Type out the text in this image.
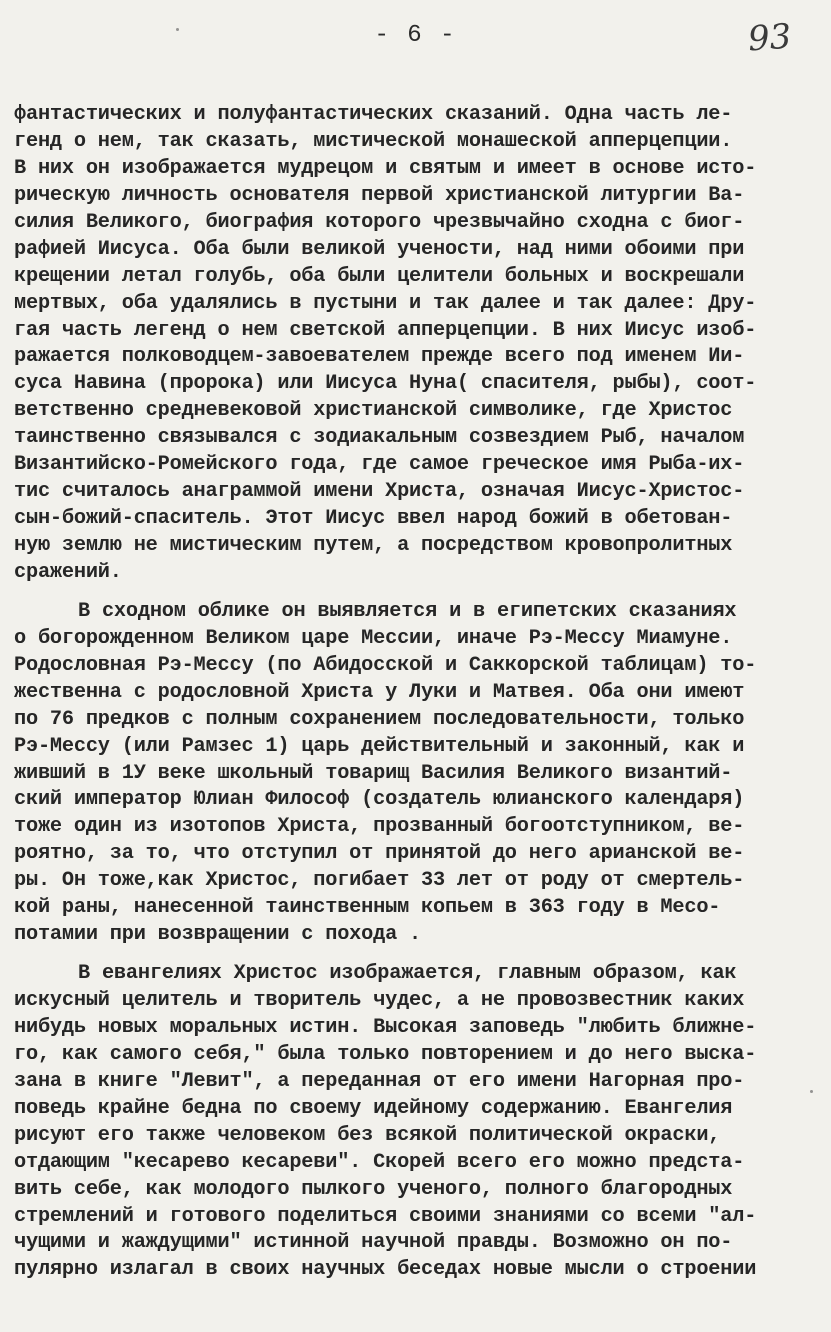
- 6 -	93
фантастических и полуфантастических сказаний. Одна часть ле-
генд о нем, так сказать, мистической монашеской апперцепции.
В них он изображается мудрецом и святым и имеет в основе исто-
рическую личность основателя первой христианской литургии Ва-
силия Великого, биография которого чрезвычайно сходна с биог-
рафией Иисуса. Оба были великой учености, над ними обоими при
крещении летал голубь, оба были целители больных и воскрешали
мертвых, оба удалялись в пустыни и так далее и так далее: Дру-
гая часть легенд о нем светской апперцепции. В них Иисус изоб-
ражается полководцем-завоевателем прежде всего под именем Ии-
суса Навина (пророка) или Иисуса Нуна( спасителя, рыбы), соот-
ветственно средневековой христианской символике, где Христос
таинственно связывался с зодиакальным созвездием Рыб, началом
Византийско-Ромейского года, где самое греческое имя Рыба-их-
тис считалось анаграммой имени Христа, означая Иисус-Христос-
сын-божий-спаситель. Этот Иисус ввел народ божий в обетован-
ную землю не мистическим путем, а посредством кровопролитных
сражений.
В сходном облике он выявляется и в египетских сказаниях
о богорожденном Великом царе Мессии, иначе Рэ-Мессу Миамуне.
Родословная Рэ-Мессу (по Абидосской и Саккорской таблицам) то-
жественна с родословной Христа у Луки и Матвея. Оба они имеют
по 76 предков с полным сохранением последовательности, только
Рэ-Мессу (или Рамзес 1) царь действительный и законный, как и
живший в 1У веке школьный товарищ Василия Великого византий-
ский император Юлиан Философ (создатель юлианского календаря)
тоже один из изотопов Христа, прозванный богоотступником, ве-
роятно, за то, что отступил от принятой до него арианской ве-
ры. Он тоже,как Христос, погибает 33 лет от роду от смертель-
кой раны, нанесенной таинственным копьем в 363 году в Месо-
потамии при возвращении с похода .
В евангелиях Христос изображается, главным образом, как
искусный целитель и творитель чудес, а не провозвестник каких
нибудь новых моральных истин. Высокая заповедь "любить ближне-
го, как самого себя," была только повторением и до него выска-
зана в книге "Левит", а переданная от его имени Нагорная про-
поведь крайне бедна по своему идейному содержанию. Евангелия
рисуют его также человеком без всякой политической окраски,
отдающим "кесарево кесареви". Скорей всего его можно предста-
вить себе, как молодого пылкого ученого, полного благородных
стремлений и готового поделиться своими знаниями со всеми "ал-
чущими и жаждущими" истинной научной правды. Возможно он по-
пулярно излагал в своих научных беседах новые мысли о строении
